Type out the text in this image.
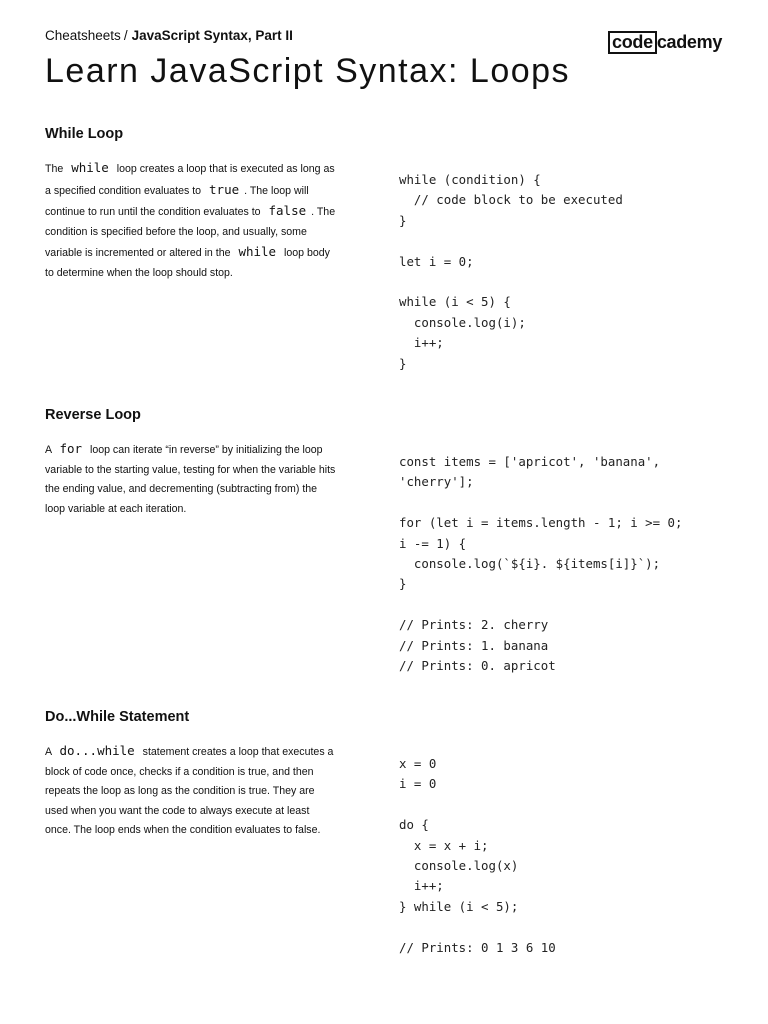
Cheatsheets / JavaScript Syntax, Part II	code cademy
Learn JavaScript Syntax: Loops
While Loop
The while loop creates a loop that is executed as long as a specified condition evaluates to true . The loop will continue to run until the condition evaluates to false . The condition is specified before the loop, and usually, some variable is incremented or altered in the while loop body to determine when the loop should stop.
while (condition) {
// code block to be executed
}

let i = 0;

while (i < 5) {
console.log(i);
i++;
}
Reverse Loop
A for loop can iterate “in reverse” by initializing the loop variable to the starting value, testing for when the variable hits the ending value, and decrementing (subtracting from) the loop variable at each iteration.
const items = ['apricot', 'banana',
'cherry'];

for (let i = items.length - 1; i >= 0;
i -= 1) {
console.log(`${i}. ${items[i]}`);
}

// Prints: 2. cherry
// Prints: 1. banana
// Prints: 0. apricot
Do...While Statement
A do...while statement creates a loop that executes a block of code once, checks if a condition is true, and then repeats the loop as long as the condition is true. They are used when you want the code to always execute at least once. The loop ends when the condition evaluates to false.
x = 0
i = 0

do {
x = x + i;
console.log(x)
i++;
} while (i < 5);

// Prints: 0 1 3 6 10
